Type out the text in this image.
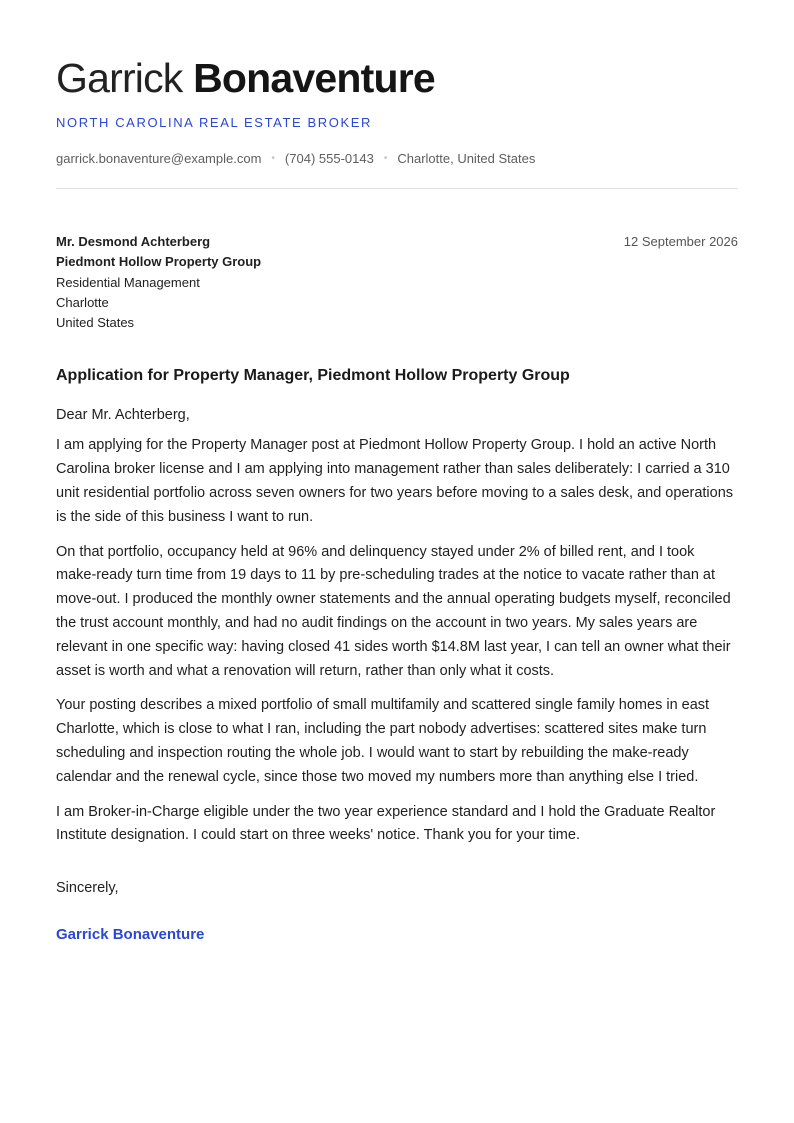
Garrick Bonaventure
NORTH CAROLINA REAL ESTATE BROKER
garrick.bonaventure@example.com • (704) 555-0143 • Charlotte, United States
Mr. Desmond Achterberg
Piedmont Hollow Property Group
Residential Management
Charlotte
United States
12 September 2026
Application for Property Manager, Piedmont Hollow Property Group
Dear Mr. Achterberg,

I am applying for the Property Manager post at Piedmont Hollow Property Group. I hold an active North Carolina broker license and I am applying into management rather than sales deliberately: I carried a 310 unit residential portfolio across seven owners for two years before moving to a sales desk, and operations is the side of this business I want to run.

On that portfolio, occupancy held at 96% and delinquency stayed under 2% of billed rent, and I took make-ready turn time from 19 days to 11 by pre-scheduling trades at the notice to vacate rather than at move-out. I produced the monthly owner statements and the annual operating budgets myself, reconciled the trust account monthly, and had no audit findings on the account in two years. My sales years are relevant in one specific way: having closed 41 sides worth $14.8M last year, I can tell an owner what their asset is worth and what a renovation will return, rather than only what it costs.

Your posting describes a mixed portfolio of small multifamily and scattered single family homes in east Charlotte, which is close to what I ran, including the part nobody advertises: scattered sites make turn scheduling and inspection routing the whole job. I would want to start by rebuilding the make-ready calendar and the renewal cycle, since those two moved my numbers more than anything else I tried.

I am Broker-in-Charge eligible under the two year experience standard and I hold the Graduate Realtor Institute designation. I could start on three weeks' notice. Thank you for your time.

Sincerely,
Garrick Bonaventure
